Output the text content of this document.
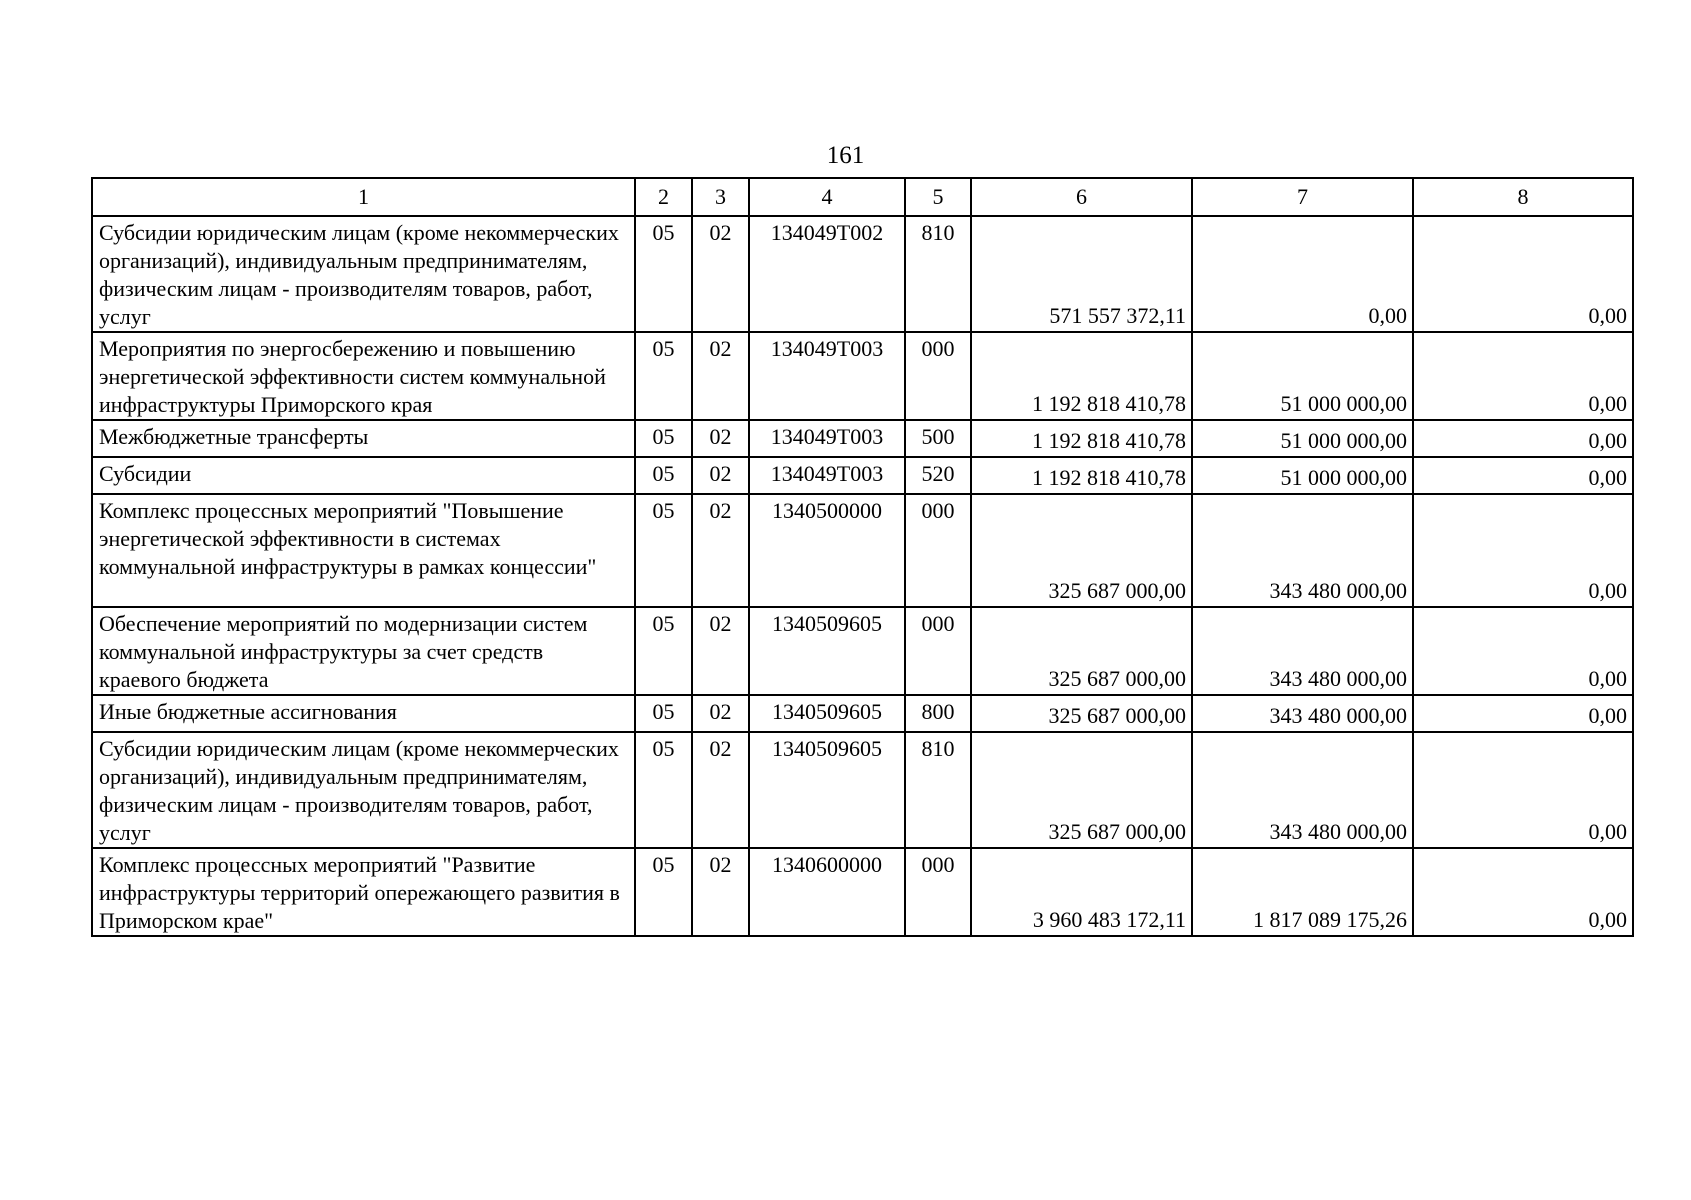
161
1	2	3	4	5	6	7	8
Субсидии юридическим лицам (кроме некоммерческих организаций), индивидуальным предпринимателям, физическим лицам - производителям товаров, работ, услуг	05	02	134049Т002	810	571 557 372,11	0,00	0,00
Мероприятия по энергосбережению и повышению энергетической эффективности систем коммунальной инфраструктуры Приморского края	05	02	134049Т003	000	1 192 818 410,78	51 000 000,00	0,00
Межбюджетные трансферты	05	02	134049Т003	500	1 192 818 410,78	51 000 000,00	0,00
Субсидии	05	02	134049Т003	520	1 192 818 410,78	51 000 000,00	0,00
Комплекс процессных мероприятий "Повышение энергетической эффективности в системах коммунальной инфраструктуры в рамках концессии"	05	02	1340500000	000	325 687 000,00	343 480 000,00	0,00
Обеспечение мероприятий по модернизации систем коммунальной инфраструктуры за счет средств краевого бюджета	05	02	1340509605	000	325 687 000,00	343 480 000,00	0,00
Иные бюджетные ассигнования	05	02	1340509605	800	325 687 000,00	343 480 000,00	0,00
Субсидии юридическим лицам (кроме некоммерческих организаций), индивидуальным предпринимателям, физическим лицам - производителям товаров, работ, услуг	05	02	1340509605	810	325 687 000,00	343 480 000,00	0,00
Комплекс процессных мероприятий "Развитие инфраструктуры территорий опережающего развития в Приморском крае"	05	02	1340600000	000	3 960 483 172,11	1 817 089 175,26	0,00
